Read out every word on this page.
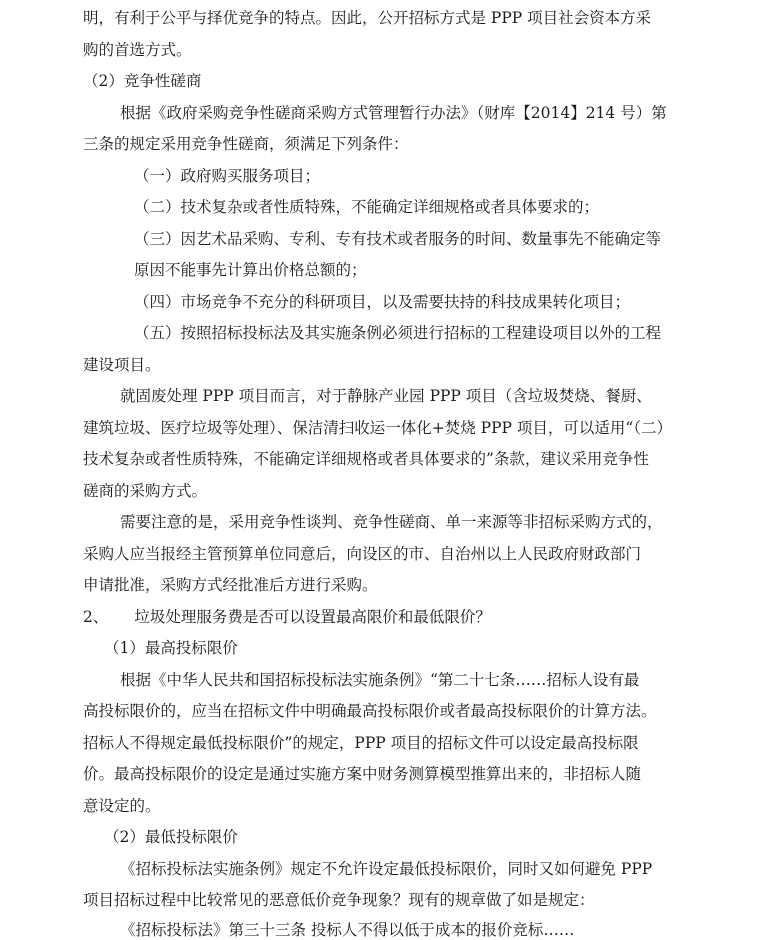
明，有利于公平与择优竞争的特点。因此，公开招标方式是 PPP 项目社会资本方采
购的首选方式。
（2）竞争性磋商
根据《政府采购竞争性磋商采购方式管理暂行办法》（财库【2014】214 号）第
三条的规定采用竞争性磋商，须满足下列条件：
（一）政府购买服务项目；
（二）技术复杂或者性质特殊，不能确定详细规格或者具体要求的；
（三）因艺术品采购、专利、专有技术或者服务的时间、数量事先不能确定等
原因不能事先计算出价格总额的；
（四）市场竞争不充分的科研项目，以及需要扶持的科技成果转化项目；
（五）按照招标投标法及其实施条例必须进行招标的工程建设项目以外的工程
建设项目。
就固废处理 PPP 项目而言，对于静脉产业园 PPP 项目（含垃圾焚烧、餐厨、
建筑垃圾、医疗垃圾等处理）、保洁清扫收运一体化+焚烧 PPP 项目，可以适用“（二）
技术复杂或者性质特殊，不能确定详细规格或者具体要求的”条款，建议采用竞争性
磋商的采购方式。
需要注意的是，采用竞争性谈判、竞争性磋商、单一来源等非招标采购方式的，
采购人应当报经主管预算单位同意后，向设区的市、自治州以上人民政府财政部门
申请批准，采购方式经批准后方进行采购。
2、 垃圾处理服务费是否可以设置最高限价和最低限价？
（1）最高投标限价
根据《中华人民共和国招标投标法实施条例》“第二十七条……招标人设有最
高投标限价的，应当在招标文件中明确最高投标限价或者最高投标限价的计算方法。
招标人不得规定最低投标限价”的规定，PPP 项目的招标文件可以设定最高投标限
价。最高投标限价的设定是通过实施方案中财务测算模型推算出来的，非招标人随
意设定的。
（2）最低投标限价
《招标投标法实施条例》规定不允许设定最低投标限价，同时又如何避免 PPP
项目招标过程中比较常见的恶意低价竞争现象？现有的规章做了如是规定：
《招标投标法》第三十三条 投标人不得以低于成本的报价竞标……
